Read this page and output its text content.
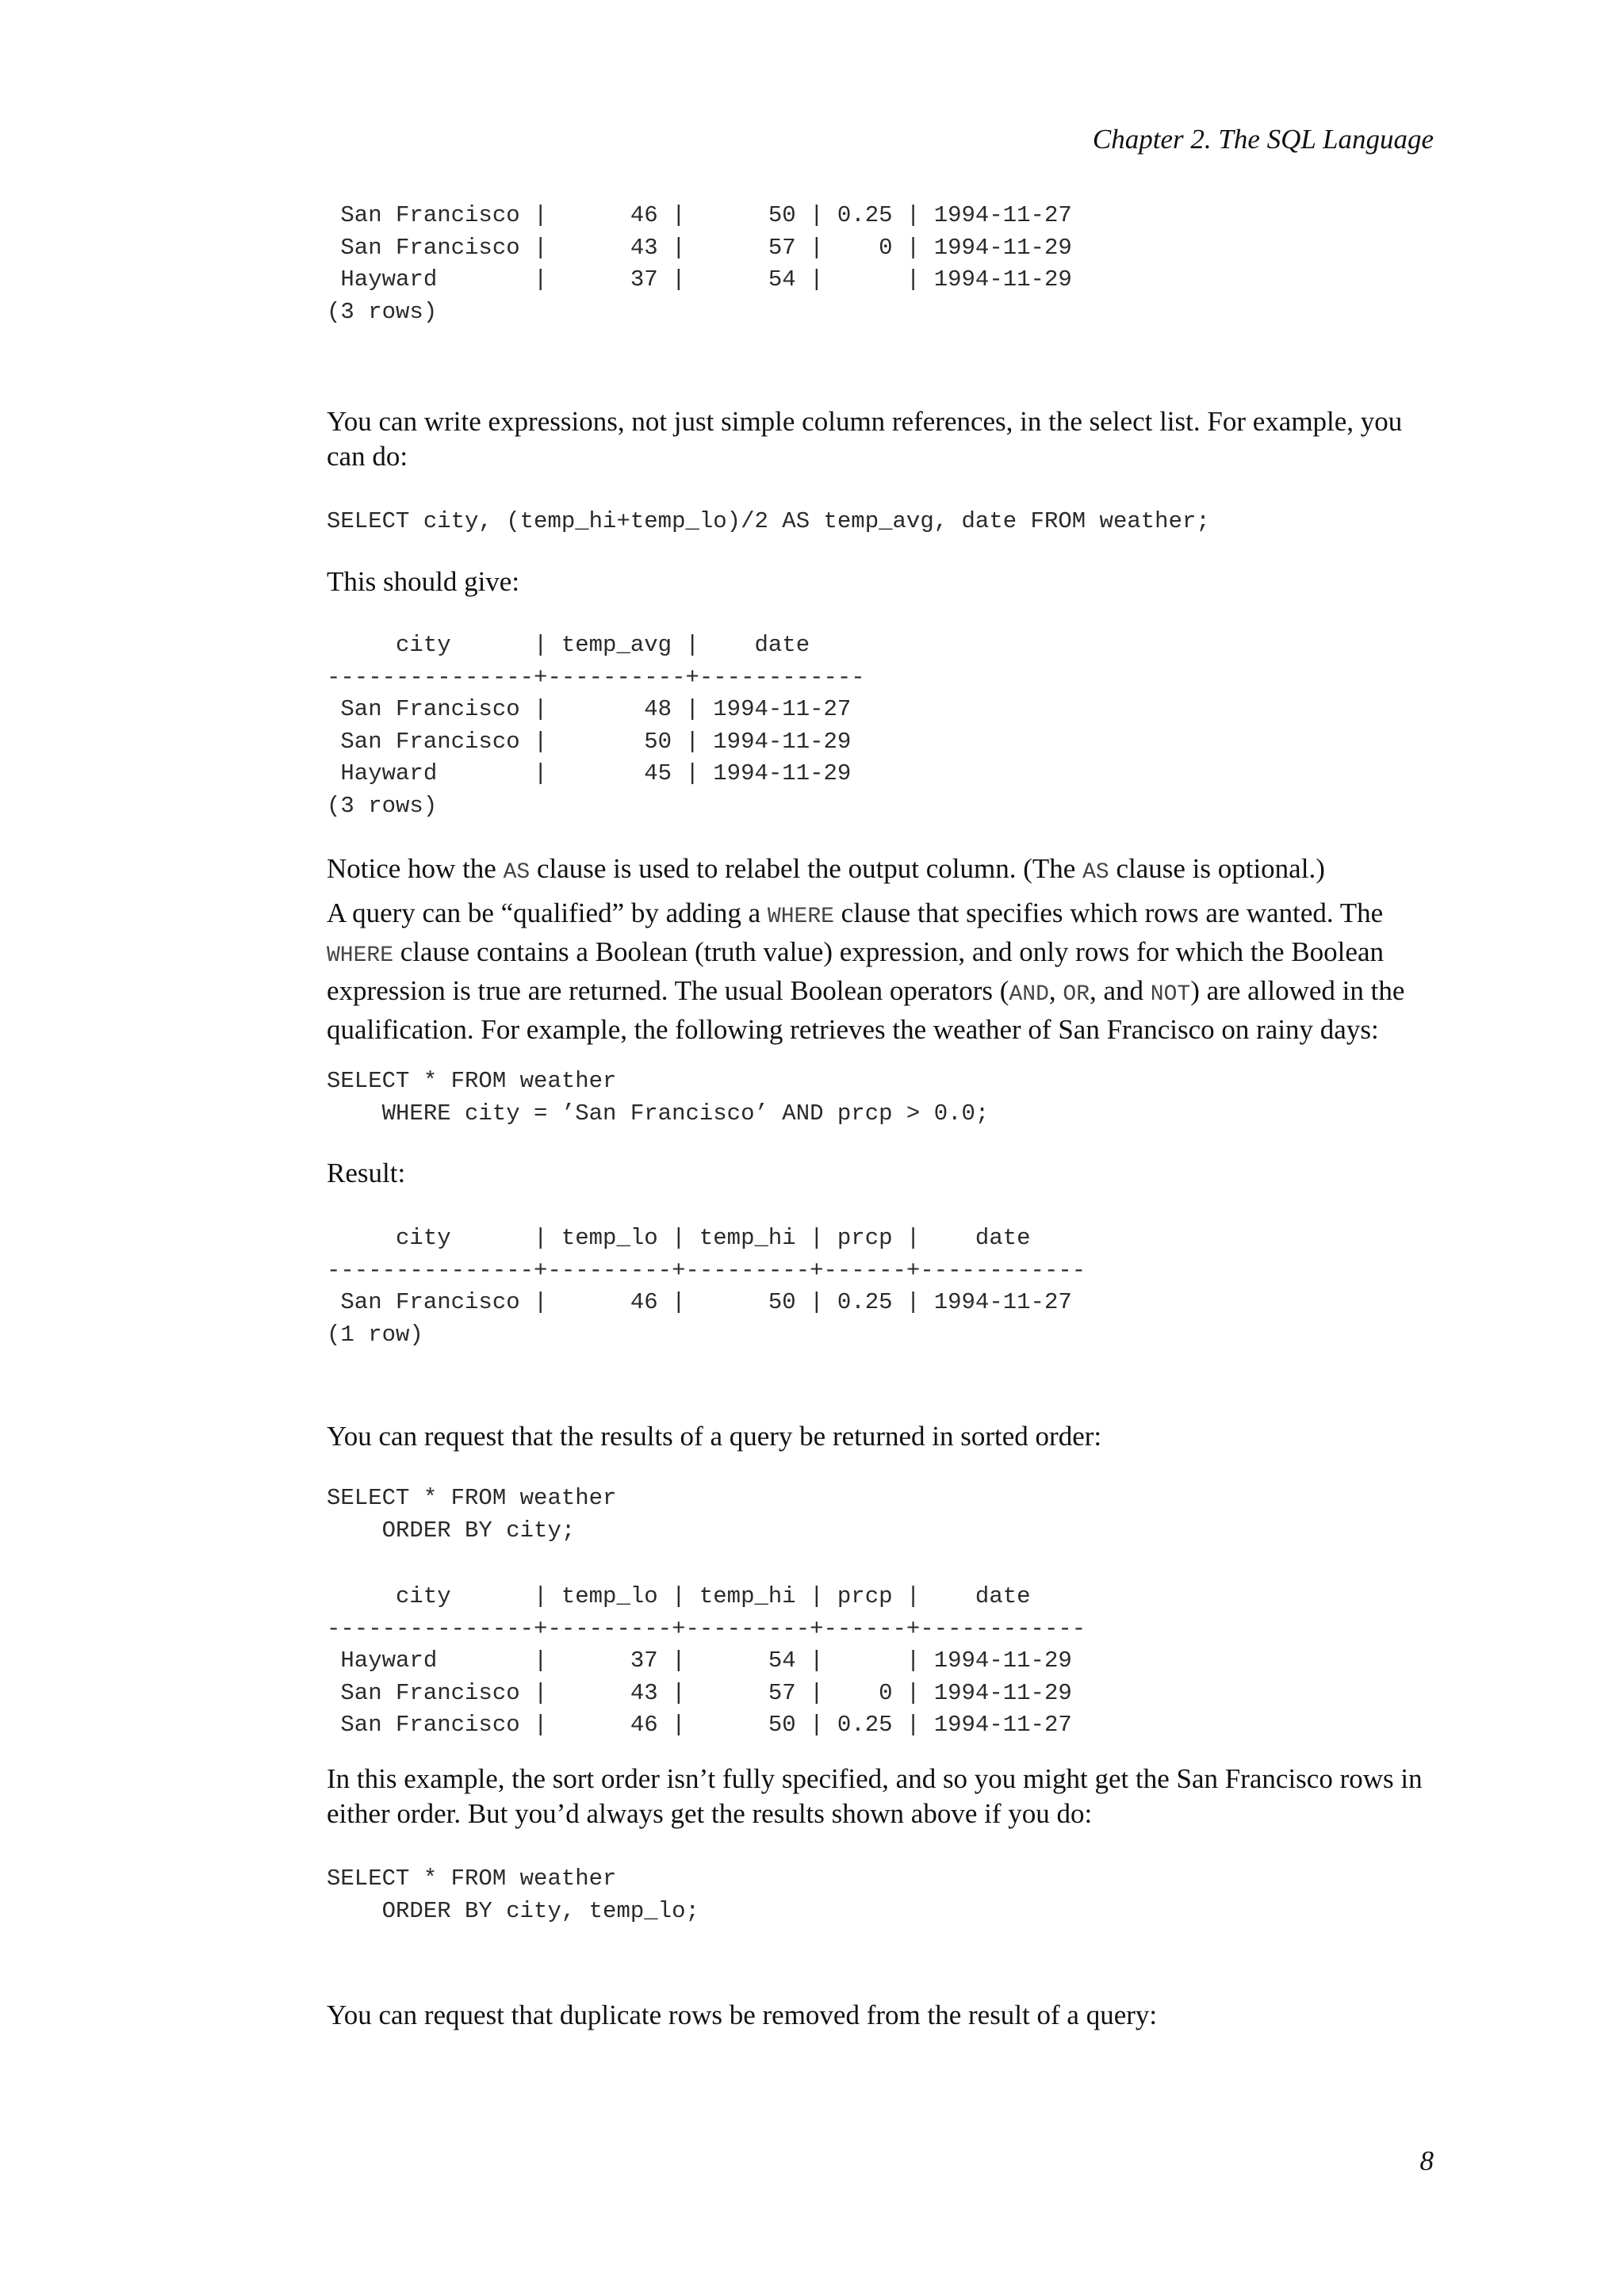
Chapter 2. The SQL Language
San Francisco |      46 |      50 | 0.25 | 1994-11-27
San Francisco |      43 |      57 |    0 | 1994-11-29
Hayward       |      37 |      54 |      | 1994-11-29
(3 rows)

You can write expressions, not just simple column references, in the select list. For example, you can do:

SELECT city, (temp_hi+temp_lo)/2 AS temp_avg, date FROM weather;

This should give:

city      | temp_avg |    date
---------------+----------+------------
San Francisco |       48 | 1994-11-27
San Francisco |       50 | 1994-11-29
Hayward       |       45 | 1994-11-29
(3 rows)

Notice how the AS clause is used to relabel the output column. (The AS clause is optional.)

A query can be “qualified” by adding a WHERE clause that specifies which rows are wanted. The WHERE clause contains a Boolean (truth value) expression, and only rows for which the Boolean expression is true are returned. The usual Boolean operators (AND, OR, and NOT) are allowed in the qualification. For example, the following retrieves the weather of San Francisco on rainy days:

SELECT * FROM weather
WHERE city = ’San Francisco’ AND prcp > 0.0;

Result:

city      | temp_lo | temp_hi | prcp |    date
---------------+---------+---------+------+------------
San Francisco |      46 |      50 | 0.25 | 1994-11-27
(1 row)

You can request that the results of a query be returned in sorted order:

SELECT * FROM weather
ORDER BY city;
city      | temp_lo | temp_hi | prcp |    date
---------------+---------+---------+------+------------
Hayward       |      37 |      54 |      | 1994-11-29
San Francisco |      43 |      57 |    0 | 1994-11-29
San Francisco |      46 |      50 | 0.25 | 1994-11-27

In this example, the sort order isn’t fully specified, and so you might get the San Francisco rows in either order. But you’d always get the results shown above if you do:

SELECT * FROM weather
ORDER BY city, temp_lo;

You can request that duplicate rows be removed from the result of a query:

8
